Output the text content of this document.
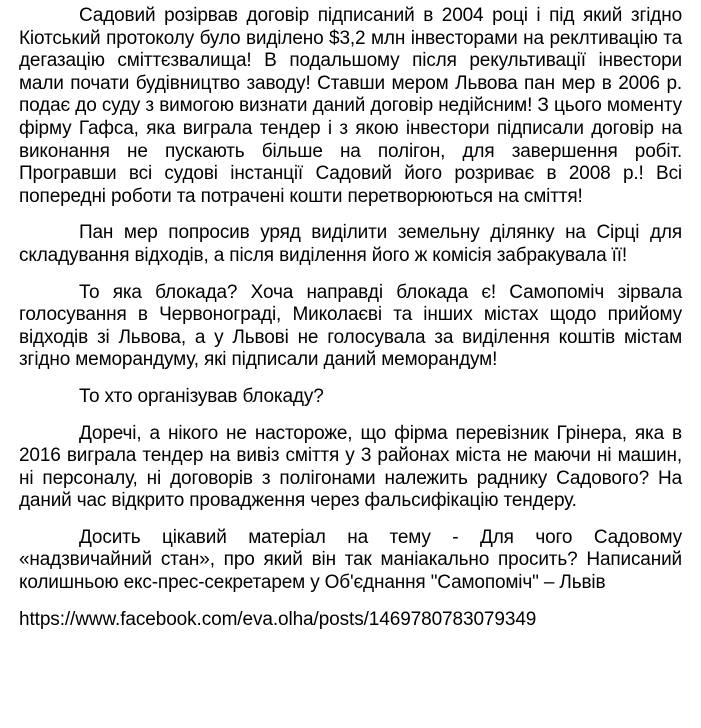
Садовий розірвав договір підписаний в 2004 році і під який згідно Кіотський протоколу було виділено $3,2 млн інвесторами на реклтивацію та дегазацію сміттєзвалища! В подальшому після рекультивації інвестори мали почати будівництво заводу! Ставши мером Львова пан мер в 2006 р. подає до суду з вимогою визнати даний договір недійсним! З цього моменту фірму Гафса, яка виграла тендер і з якою інвестори підписали договір на виконання не пускають більше на полігон, для завершення робіт. Програвши всі судові інстанції Садовий його розриває в 2008 р.! Всі попередні роботи та потрачені кошти перетворюються на сміття!

Пан мер попросив уряд виділити земельну ділянку на Сірці для складування відходів, а після виділення його ж комісія забракувала її!

То яка блокада? Хоча направді блокада є! Самопоміч зірвала голосування в Червонограді, Миколаєві та інших містах щодо прийому відходів зі Львова, а у Львові не голосувала за виділення коштів містам згідно меморандуму, які підписали даний меморандум!

То хто організував блокаду?

Доречі, а нікого не настороже, що фірма перевізник Грінера, яка в 2016 виграла тендер на вивіз сміття у 3 районах міста не маючи ні машин, ні персоналу, ні договорів з полігонами належить раднику Садового? На даний час відкрито провадження через фальсифікацію тендеру.

Досить цікавий матеріал на тему - Для чого Садовому «надзвичайний стан», про який він так маніакально просить? Написаний колишньою екс-прес-секретарем у Об'єднання "Самопоміч" – Львів

https://www.facebook.com/eva.olha/posts/1469780783079349
